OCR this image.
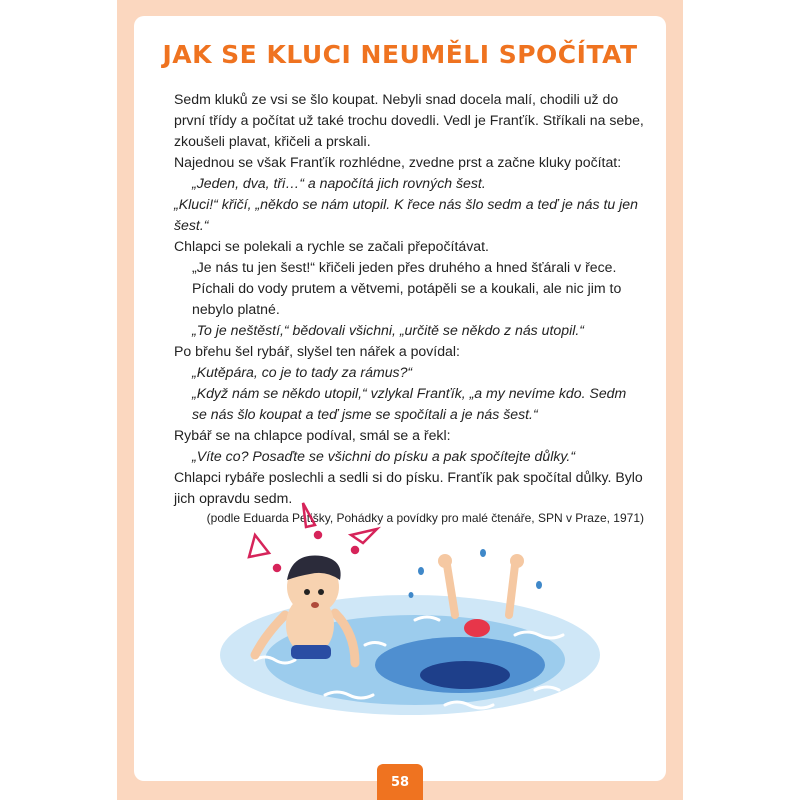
JAK SE KLUCI NEUMĚLI SPOČÍTAT

Sedm kluků ze vsi se šlo koupat. Nebyli snad docela malí, chodili už do první třídy a počítat už také trochu dovedli. Vedl je Franťík. Stříkali na sebe, zkoušeli plavat, křičeli a prskali.

Najednou se však Franťík rozhlédne, zvedne prst a začne kluky počítat:

„Jeden, dva, tři…“ a napočítá jich rovných šest.

„Kluci!“ křičí, „někdo se nám utopil. K řece nás šlo sedm a teď je nás tu jen šest.“

Chlapci se polekali a rychle se začali přepočítávat.

„Je nás tu jen šest!“ křičeli jeden přes druhého a hned šťárali v řece. Píchali do vody prutem a větvemi, potápěli se a koukali, ale nic jim to nebylo platné.

„To je neštěstí,“ bědovali všichni, „určitě se někdo z nás utopil.“

Po břehu šel rybář, slyšel ten nářek a povídal:

„Kutěpára, co je to tady za rámus?“

„Když nám se někdo utopil,“ vzlykal Franťík, „a my nevíme kdo. Sedm se nás šlo koupat a teď jsme se spočítali a je nás šest.“

Rybář se na chlapce podíval, smál se a řekl:

„Víte co? Posaďte se všichni do písku a pak spočítejte důlky.“

Chlapci rybáře poslechli a sedli si do písku. Franťík pak spočítal důlky. Bylo jich opravdu sedm.

(podle Eduarda Petišky, Pohádky a povídky pro malé čtenáře, SPN v Praze, 1971)
58
